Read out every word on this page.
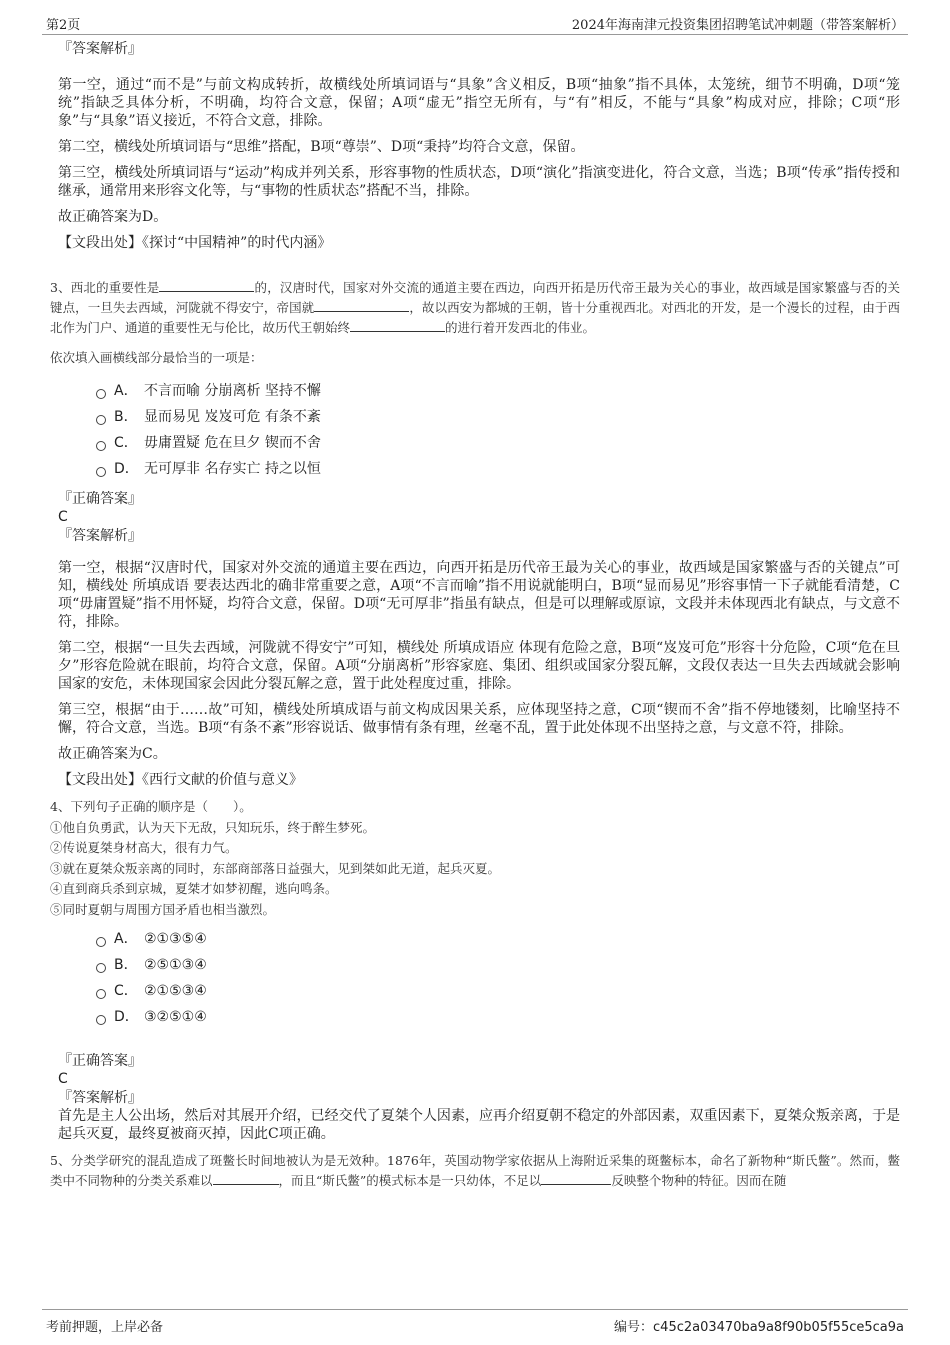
第2页	2024年海南津元投资集团招聘笔试冲刺题（带答案解析）
『答案解析』

第一空，通过“而不是”与前文构成转折，故横线处所填词语与“具象”含义相反，B项“抽象”指不具体，太笼统，细节不明确，D项“笼统”指缺乏具体分析，不明确，均符合文意，保留；A项“虚无”指空无所有，与“有”相反，不能与“具象”构成对应，排除；C项“形象”与“具象”语义接近，不符合文意，排除。

第二空，横线处所填词语与“思维”搭配，B项“尊崇”、D项“秉持”均符合文意，保留。

第三空，横线处所填词语与“运动”构成并列关系，形容事物的性质状态，D项“演化”指演变进化，符合文意，当选；B项“传承”指传授和继承，通常用来形容文化等，与“事物的性质状态”搭配不当，排除。

故正确答案为D。

【文段出处】《探讨“中国精神”的时代内涵》

3、西北的重要性是	的，汉唐时代，国家对外交流的通道主要在西边，向西开拓是历代帝王最为关心的事业，故西域是国家繁盛与否的关键点，一旦失去西域，河陇就不得安宁，帝国就	，故以西安为都城的王朝，皆十分重视西北。对西北的开发，是一个漫长的过程，由于西北作为门户、通道的重要性无与伦比，故历代王朝始终	的进行着开发西北的伟业。

依次填入画横线部分最恰当的一项是：

A． 不言而喻 分崩离析 坚持不懈
B． 显而易见 岌岌可危 有条不紊
C． 毋庸置疑 危在旦夕 锲而不舍
D． 无可厚非 名存实亡 持之以恒
『正确答案』
C
『答案解析』

第一空，根据“汉唐时代，国家对外交流的通道主要在西边，向西开拓是历代帝王最为关心的事业，故西域是国家繁盛与否的关键点”可知，横线处 所填成语 要表达西北的确非常重要之意，A项“不言而喻”指不用说就能明白，B项“显而易见”形容事情一下子就能看清楚，C项“毋庸置疑”指不用怀疑，均符合文意，保留。D项“无可厚非”指虽有缺点，但是可以理解或原谅，文段并未体现西北有缺点，与文意不符，排除。

第二空，根据“一旦失去西域，河陇就不得安宁”可知，横线处 所填成语应 体现有危险之意，B项“岌岌可危”形容十分危险，C项“危在旦夕”形容危险就在眼前，均符合文意，保留。A项“分崩离析”形容家庭、集团、组织或国家分裂瓦解，文段仅表达一旦失去西域就会影响国家的安危，未体现国家会因此分裂瓦解之意，置于此处程度过重，排除。

第三空，根据“由于……故”可知，横线处所填成语与前文构成因果关系，应体现坚持之意，C项“锲而不舍”指不停地镂刻，比喻坚持不懈，符合文意，当选。B项“有条不紊”形容说话、做事情有条有理，丝毫不乱，置于此处体现不出坚持之意，与文意不符，排除。

故正确答案为C。

【文段出处】《西行文献的价值与意义》

4、下列句子正确的顺序是（　　）。

①他自负勇武，认为天下无敌，只知玩乐，终于醉生梦死。

②传说夏桀身材高大，很有力气。

③就在夏桀众叛亲离的同时，东部商部落日益强大，见到桀如此无道，起兵灭夏。

④直到商兵杀到京城，夏桀才如梦初醒，逃向鸣条。

⑤同时夏朝与周围方国矛盾也相当激烈。

A． ②①③⑤④
B． ②⑤①③④
C． ②①⑤③④
D． ③②⑤①④
『正确答案』
C
『答案解析』

首先是主人公出场，然后对其展开介绍，已经交代了夏桀个人因素，应再介绍夏朝不稳定的外部因素，双重因素下，夏桀众叛亲离，于是起兵灭夏，最终夏被商灭掉，因此C项正确。

5、分类学研究的混乱造成了斑鳖长时间地被认为是无效种。1876年，英国动物学家依据从上海附近采集的斑鳖标本，命名了新物种“斯氏鳖”。然而，鳖类中不同物种的分类关系难以	，而且“斯氏鳖”的模式标本是一只幼体，不足以	反映整个物种的特征。因而在随

考前押题，上岸必备	编号：c45c2a03470ba9a8f90b05f55ce5ca9a
